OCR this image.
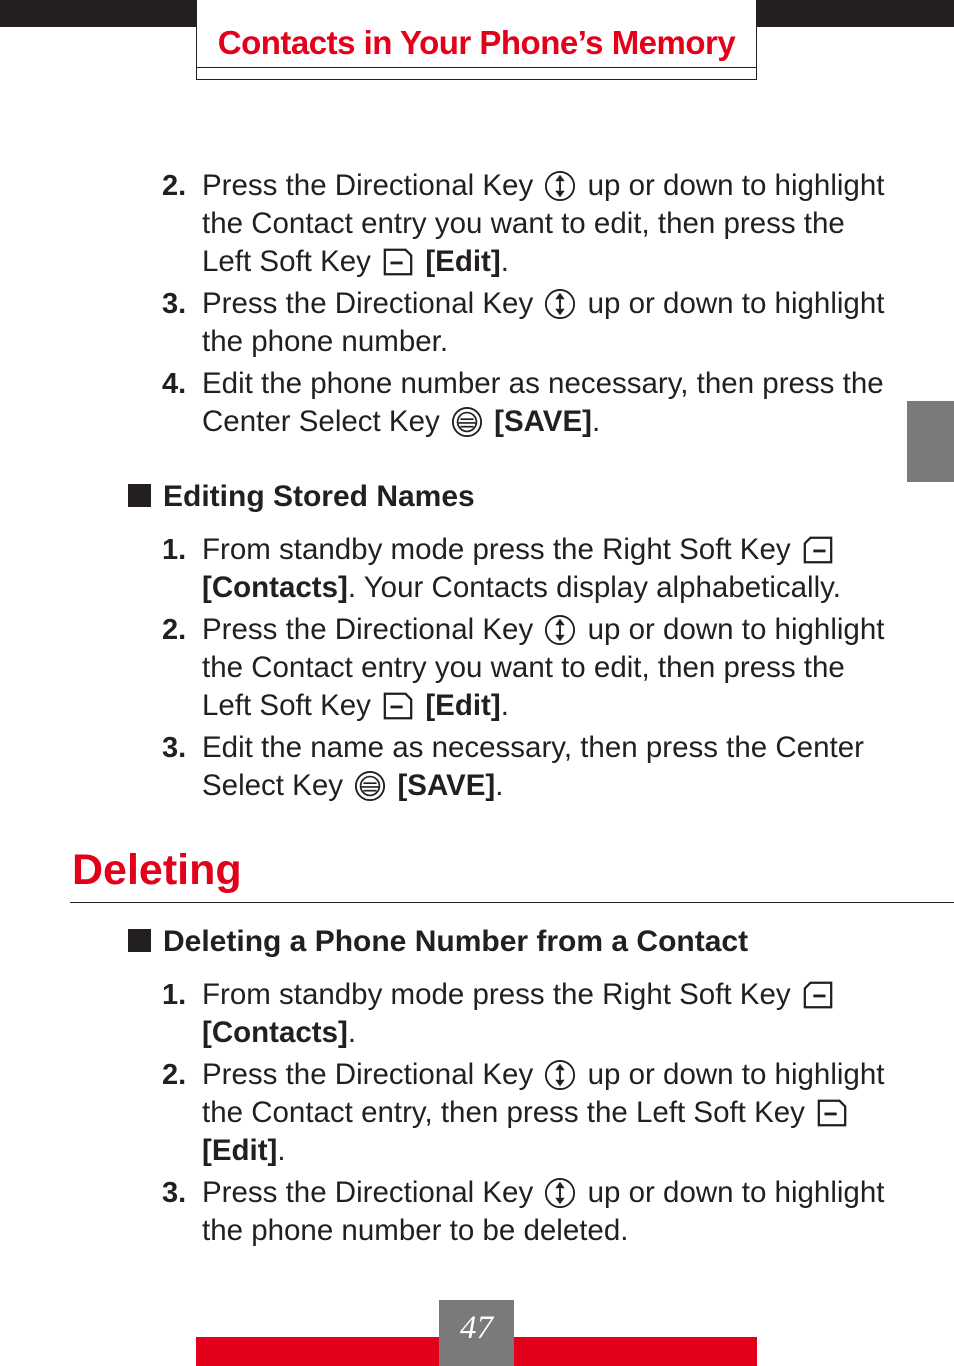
Contacts in Your Phone’s Memory
2. Press the Directional Key  up or down to highlight the Contact entry you want to edit, then press the Left Soft Key [Edit].
3. Press the Directional Key  up or down to highlight the phone number.
4. Edit the phone number as necessary, then press the Center Select Key [SAVE].
Editing Stored Names
1. From standby mode press the Right Soft Key  [Contacts]. Your Contacts display alphabetically.
2. Press the Directional Key  up or down to highlight the Contact entry you want to edit, then press the Left Soft Key [Edit].
3. Edit the name as necessary, then press the Center Select Key [SAVE].
Deleting
Deleting a Phone Number from a Contact
1. From standby mode press the Right Soft Key  [Contacts].
2. Press the Directional Key  up or down to highlight the Contact entry, then press the Left Soft Key  [Edit].
3. Press the Directional Key  up or down to highlight the phone number to be deleted.
47
